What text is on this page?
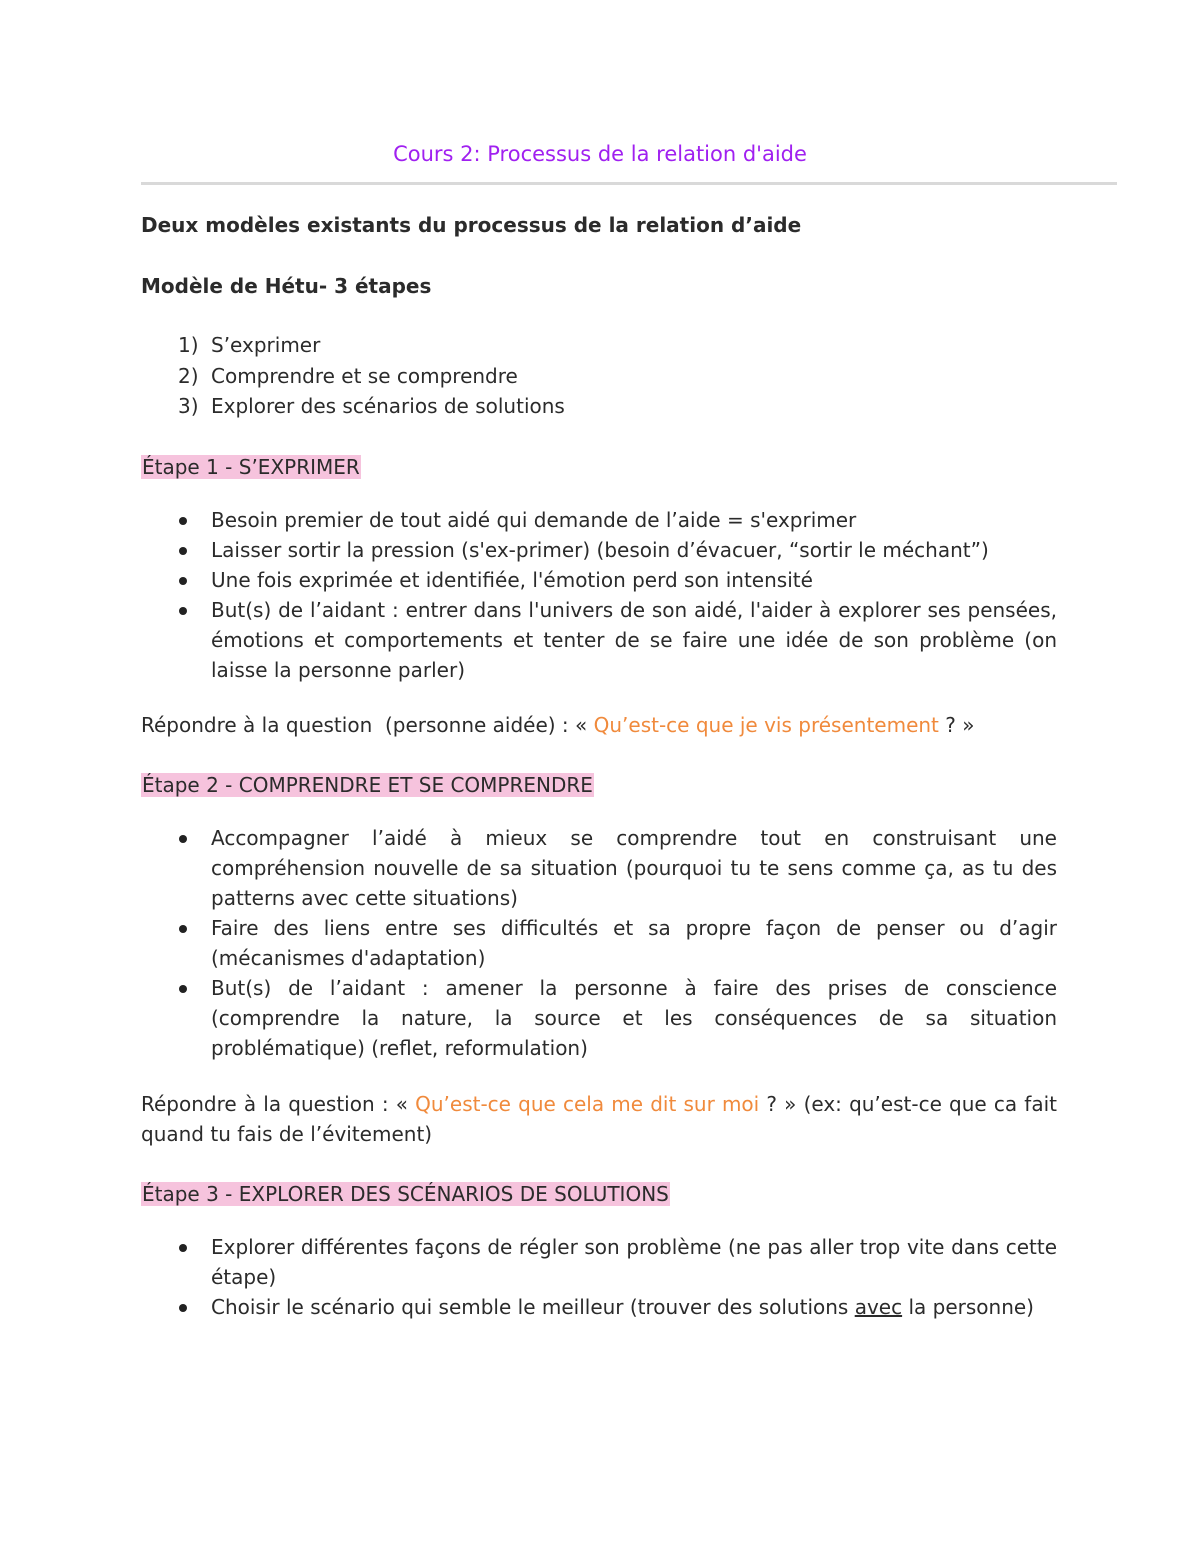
Cours 2: Processus de la relation d'aide
Deux modèles existants du processus de la relation d’aide
Modèle de Hétu- 3 étapes
1) S’exprimer
2) Comprendre et se comprendre
3) Explorer des scénarios de solutions
Étape 1 - S’EXPRIMER
Besoin premier de tout aidé qui demande de l’aide = s'exprimer
Laisser sortir la pression (s'ex-primer) (besoin d’évacuer, “sortir le méchant”)
Une fois exprimée et identifiée, l'émotion perd son intensité
But(s) de l’aidant : entrer dans l'univers de son aidé, l'aider à explorer ses pensées, émotions et comportements et tenter de se faire une idée de son problème (on laisse la personne parler)
Répondre à la question  (personne aidée) : « Qu’est-ce que je vis présentement ? »
Étape 2 - COMPRENDRE ET SE COMPRENDRE
Accompagner l’aidé à mieux se comprendre tout en construisant une compréhension nouvelle de sa situation (pourquoi tu te sens comme ça, as tu des patterns avec cette situations)
Faire des liens entre ses difficultés et sa propre façon de penser ou d’agir (mécanismes d'adaptation)
But(s) de l’aidant : amener la personne à faire des prises de conscience (comprendre la nature, la source et les conséquences de sa situation problématique) (reflet, reformulation)
Répondre à la question : « Qu’est-ce que cela me dit sur moi ? » (ex: qu’est-ce que ca fait quand tu fais de l’évitement)
Étape 3 - EXPLORER DES SCÉNARIOS DE SOLUTIONS
Explorer différentes façons de régler son problème (ne pas aller trop vite dans cette étape)
Choisir le scénario qui semble le meilleur (trouver des solutions avec la personne)
